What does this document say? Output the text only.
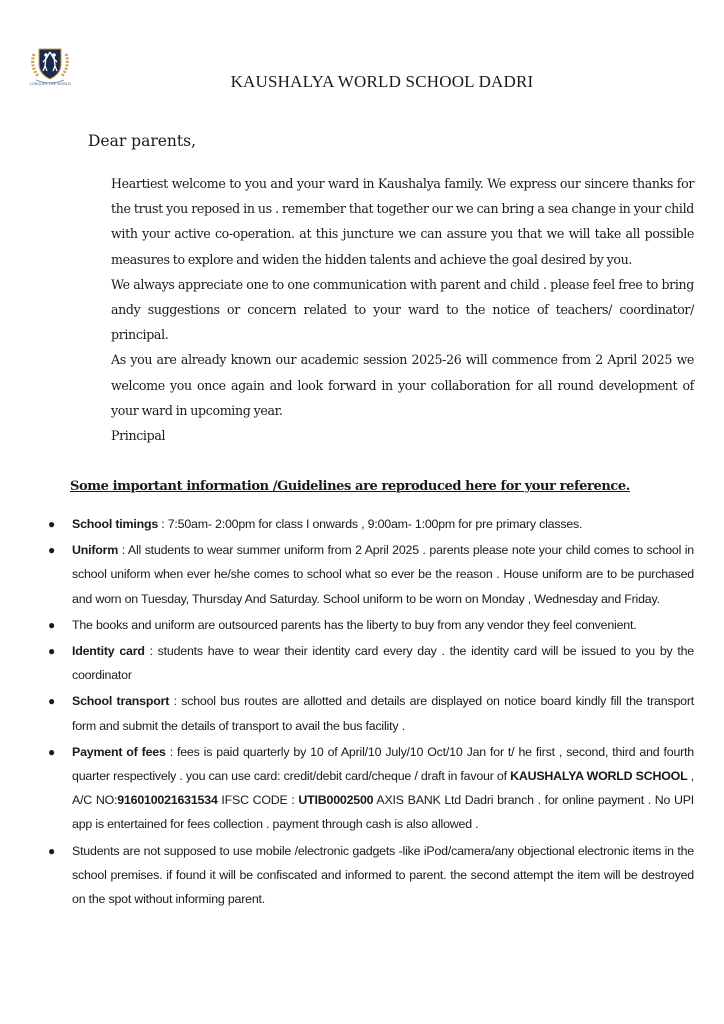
CONQUER THE WORLD	KAUSHALYA WORLD SCHOOL DADRI
Dear parents,

Heartiest welcome to you and your ward in Kaushalya family. We express our sincere thanks for the trust you reposed in us . remember that together our we can bring a sea change in your child with your active co-operation. at this juncture we can assure you that we will take all possible measures to explore and widen the hidden talents and achieve the goal desired by you.

We always appreciate one to one communication with parent and child . please feel free to bring andy suggestions or concern related to your ward to the notice of teachers/ coordinator/ principal.

As you are already known our academic session 2025-26 will commence from 2 April 2025 we welcome you once again and look forward in your collaboration for all round development of your ward in upcoming year.

Principal

Some important information /Guidelines are reproduced here for your reference.
● School timings : 7:50am- 2:00pm for class I onwards , 9:00am- 1:00pm for pre primary classes.
● Uniform : All students to wear summer uniform from 2 April 2025 . parents please note your child comes to school in school uniform when ever he/she comes to school what so ever be the reason . House uniform are to be purchased and worn on Tuesday, Thursday And Saturday. School uniform to be worn on Monday , Wednesday and Friday.
● The books and uniform are outsourced parents has the liberty to buy from any vendor they feel convenient.
● Identity card : students have to wear their identity card every day . the identity card will be issued to you by the coordinator
● School transport : school bus routes are allotted and details are displayed on notice board kindly fill the transport form and submit the details of transport to avail the bus facility .
● Payment of fees : fees is paid quarterly by 10 of April/10 July/10 Oct/10 Jan for t/ he first , second, third and fourth quarter respectively . you can use card: credit/debit card/cheque / draft in favour of KAUSHALYA WORLD SCHOOL , A/C NO:916010021631534 IFSC CODE : UTIB0002500 AXIS BANK Ltd Dadri branch . for online payment . No UPI app is entertained for fees collection . payment through cash is also allowed .
● Students are not supposed to use mobile /electronic gadgets -like iPod/camera/any objectional electronic items in the school premises. if found it will be confiscated and informed to parent. the second attempt the item will be destroyed on the spot without informing parent.
